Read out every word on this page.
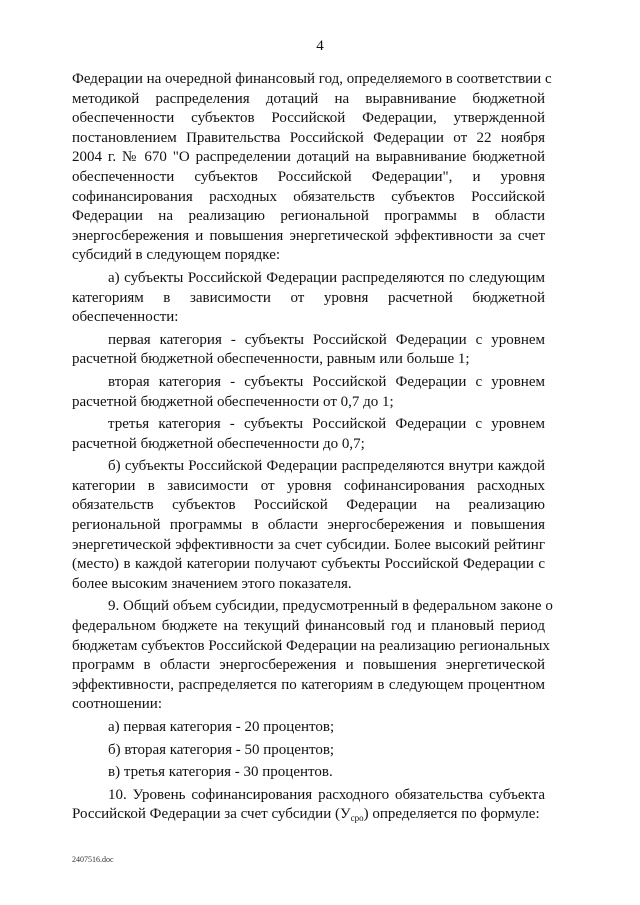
4
Федерации на очередной финансовый год, определяемого в соответствии с
методикой распределения дотаций на выравнивание бюджетной
обеспеченности субъектов Российской Федерации, утвержденной
постановлением Правительства Российской Федерации от 22 ноября
2004 г. № 670 "О распределении дотаций на выравнивание бюджетной
обеспеченности субъектов Российской Федерации", и уровня
софинансирования расходных обязательств субъектов Российской
Федерации на реализацию региональной программы в области
энергосбережения и повышения энергетической эффективности за счет
субсидий в следующем порядке:
а) субъекты Российской Федерации распределяются по следующим
категориям в зависимости от уровня расчетной бюджетной
обеспеченности:
первая категория - субъекты Российской Федерации с уровнем
расчетной бюджетной обеспеченности, равным или больше 1;
вторая категория - субъекты Российской Федерации с уровнем
расчетной бюджетной обеспеченности от 0,7 до 1;
третья категория - субъекты Российской Федерации с уровнем
расчетной бюджетной обеспеченности до 0,7;
б) субъекты Российской Федерации распределяются внутри каждой
категории в зависимости от уровня софинансирования расходных
обязательств субъектов Российской Федерации на реализацию
региональной программы в области энергосбережения и повышения
энергетической эффективности за счет субсидии. Более высокий рейтинг
(место) в каждой категории получают субъекты Российской Федерации с
более высоким значением этого показателя.
9. Общий объем субсидии, предусмотренный в федеральном законе о
федеральном бюджете на текущий финансовый год и плановый период
бюджетам субъектов Российской Федерации на реализацию региональных
программ в области энергосбережения и повышения энергетической
эффективности, распределяется по категориям в следующем процентном
соотношении:
а) первая категория - 20 процентов;
б) вторая категория - 50 процентов;
в) третья категория - 30 процентов.
10. Уровень софинансирования расходного обязательства субъекта
Российской Федерации за счет субсидии $(У_{сро})$ определяется по формуле:
2407516.doc
